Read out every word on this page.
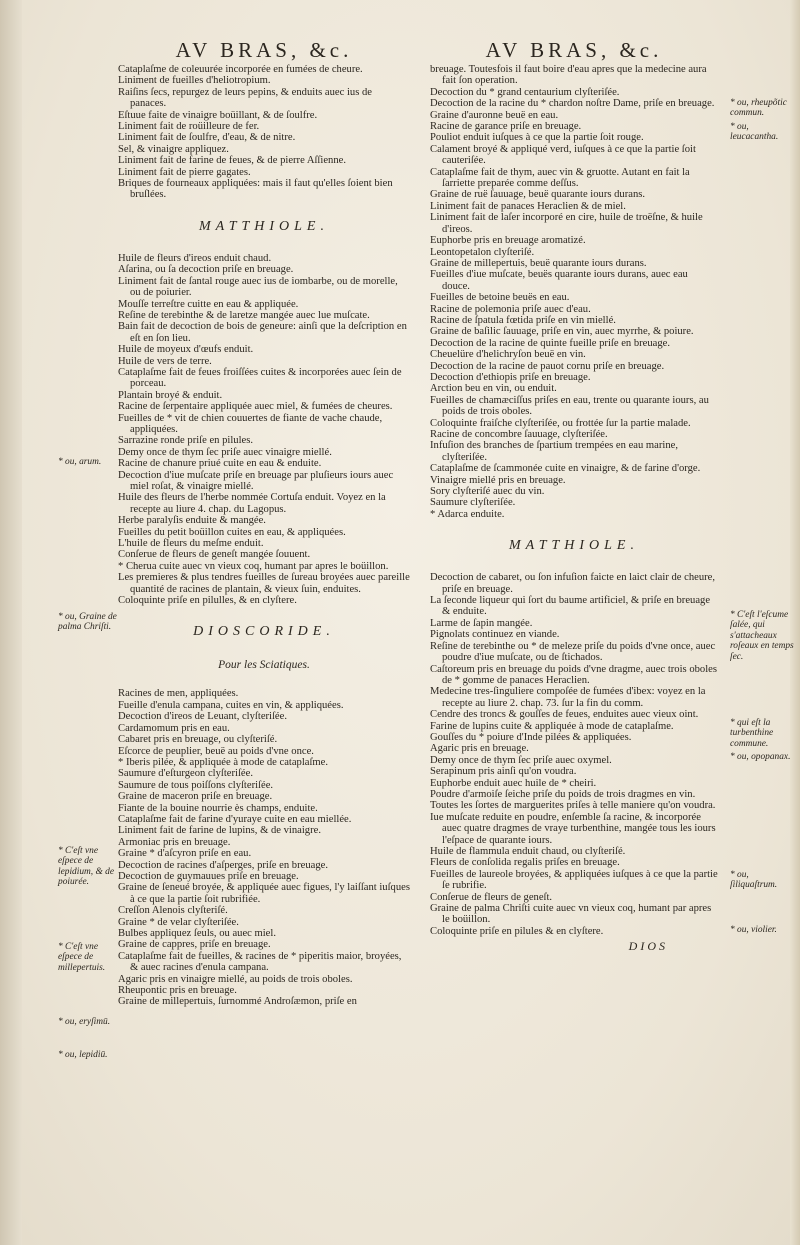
AV BRAS, &c.

Cataplaſme de coleuurée incorporée en fumées de cheure.

Liniment de fueilles d'heliotropium.

Raiſins ſecs, repurgez de leurs pepins, & enduits auec ius de panaces.

Eſtuue faite de vinaigre boüillant, & de ſoulfre.

Liniment fait de roüilleure de fer.

Liniment fait de ſoulfre, d'eau, & de nitre.

Sel, & vinaigre appliquez.

Liniment fait de farine de feues, & de pierre Aſſienne.

Liniment fait de pierre gagates.

Briques de fourneaux appliquées: mais il faut qu'elles ſoient bien bruſlées.

MATTHIOLE.

Huile de fleurs d'ireos enduit chaud.

Aſarina, ou ſa decoction priſe en breuage.

Liniment fait de ſantal rouge auec ius de iombarbe, ou de morelle, ou de poiurier.

Mouſſe terreſtre cuitte en eau & appliquée.

Reſine de terebinthe & de laretze mangée auec lue muſcate.

Bain fait de decoction de bois de geneure: ainſi que la deſcription en eſt en ſon lieu.

Huile de moyeux d'œufs enduit.

Huile de vers de terre.

Cataplaſme fait de feues froiſſées cuites & incorporées auec ſein de porceau.

Plantain broyé & enduit.

Racine de ſerpentaire appliquée auec miel, & fumées de cheures.

Fueilles de * vit de chien couuertes de fiante de vache chaude, appliquées.

Sarrazine ronde priſe en pilules.

Demy once de thym ſec priſe auec vinaigre miellé.

Racine de chanure priué cuite en eau & enduite.

Decoction d'iue muſcate priſe en breuage par pluſieurs iours auec miel roſat, & vinaigre miellé.

Huile des fleurs de l'herbe nommée Cortuſa enduit. Voyez en la recepte au liure 4. chap. du Lagopus.

Herbe paralyſis enduite & mangée.

Fueilles du petit boüillon cuites en eau, & appliquées.

L'huile de fleurs du meſme enduit.

Conſerue de fleurs de geneſt mangée ſouuent.

* Cherua cuite auec vn vieux coq, humant par apres le boüillon.

Les premieres & plus tendres fueilles de ſureau broyées auec pareille quantité de racines de plantain, & vieux ſuin, enduites.

Coloquinte priſe en pilulles, & en clyſtere.

DIOSCORIDE.
Pour les Sciatiques.

Racines de men, appliquées.

Fueille d'enula campana, cuites en vin, & appliquées.

Decoction d'ireos de Leuant, clyſteriſée.

Cardamomum pris en eau.

Cabaret pris en breuage, ou clyſteriſé.

Eſcorce de peuplier, beuë au poids d'vne once.

* Iberis pilée, & appliquée à mode de cataplaſme.

Saumure d'eſturgeon clyſteriſée.

Saumure de tous poiſſons clyſteriſée.

Graine de maceron priſe en breuage.

Fiante de la bouine nourrie ès champs, enduite.

Cataplaſme fait de farine d'yuraye cuite en eau miellée.

Liniment fait de farine de lupins, & de vinaigre.

Armoniac pris en breuage.

Graine * d'aſcyron priſe en eau.

Decoction de racines d'aſperges, priſe en breuage.

Decoction de guymauues priſe en breuage.

Graine de ſeneué broyée, & appliquée auec figues, l'y laiſſant iuſques à ce que la partie ſoit rubrifiée.

Creſſon Alenois clyſteriſé.

Graine * de velar clyſteriſée.

Bulbes appliquez ſeuls, ou auec miel.

Graine de cappres, priſe en breuage.

Cataplaſme fait de fueilles, & racines de * piperitis maior, broyées, & auec racines d'enula campana.

Agaric pris en vinaigre miellé, au poids de trois oboles.

Rheupontic pris en breuage.

Graine de millepertuis, ſurnommé Androſæmon, priſe en

AV BRAS, &c.

breuage. Toutesfois il faut boire d'eau apres que la medecine aura fait ſon operation.

Decoction du * grand centaurium clyſteriſée.

Decoction de la racine du * chardon noſtre Dame, priſe en breuage.

Graine d'auronne beuë en eau.

Racine de garance priſe en breuage.

Pouliot enduit iuſques à ce que la partie ſoit rouge.

Calament broyé & appliqué verd, iuſques à ce que la partie ſoit cauteriſée.

Cataplaſme fait de thym, auec vin & gruotte. Autant en fait la ſarriette preparée comme deſſus.

Graine de ruë ſauuage, beuë quarante iours durans.

Liniment fait de panaces Heraclien & de miel.

Liniment fait de laſer incorporé en cire, huile de troëſne, & huile d'ireos.

Euphorbe pris en breuage aromatizé.

Leontopetalon clyſteriſé.

Graine de millepertuis, beuë quarante iours durans.

Fueilles d'iue muſcate, beuës quarante iours durans, auec eau douce.

Fueilles de betoine beuës en eau.

Racine de polemonia priſe auec d'eau.

Racine de ſpatula fœtida priſe en vin miellé.

Graine de baſilic ſauuage, priſe en vin, auec myrrhe, & poiure.

Decoction de la racine de quinte fueille priſe en breuage.

Cheuelüre d'helichryſon beuë en vin.

Decoction de la racine de pauot cornu priſe en breuage.

Decoction d'ethiopis priſe en breuage.

Arction beu en vin, ou enduit.

Fueilles de chamæciſſus priſes en eau, trente ou quarante iours, au poids de trois oboles.

Coloquinte fraiſche clyſteriſée, ou frottée ſur la partie malade.

Racine de concombre ſauuage, clyſteriſée.

Infuſion des branches de ſpartium trempées en eau marine, clyſteriſée.

Cataplaſme de ſcammonée cuite en vinaigre, & de farine d'orge.

Vinaigre miellé pris en breuage.

Sory clyſteriſé auec du vin.

Saumure clyſteriſée.

* Adarca enduite.

MATTHIOLE.

Decoction de cabaret, ou ſon infuſion faicte en laict clair de cheure, priſe en breuage.

La ſeconde liqueur qui ſort du baume artificiel, & priſe en breuage & enduite.

Larme de ſapin mangée.

Pignolats continuez en viande.

Reſine de terebinthe ou * de meleze priſe du poids d'vne once, auec poudre d'iue muſcate, ou de ſtichados.

Caſtoreum pris en breuage du poids d'vne dragme, auec trois oboles de * gomme de panaces Heraclien.

Medecine tres-ſinguliere compoſée de fumées d'ibex: voyez en la recepte au liure 2. chap. 73. ſur la fin du comm.

Cendre des troncs & gouſſes de feues, enduites auec vieux oint.

Farine de lupins cuite & appliquée à mode de cataplaſme.

Gouſſes du * poiure d'Inde pilées & appliquées.

Agaric pris en breuage.

Demy once de thym ſec priſe auec oxymel.

Serapinum pris ainſi qu'on voudra.

Euphorbe enduit auec huile de * cheiri.

Poudre d'armoiſe ſeiche priſe du poids de trois dragmes en vin.

Toutes les ſortes de marguerites priſes à telle maniere qu'on voudra.

Iue muſcate reduite en poudre, enſemble ſa racine, & incorporée auec quatre dragmes de vraye turbenthine, mangée tous les iours l'eſpace de quarante iours.

Huile de flammula enduit chaud, ou clyſteriſé.

Fleurs de conſolida regalis priſes en breuage.

Fueilles de laureole broyées, & appliquées iuſques à ce que la partie ſe rubrifie.

Conſerue de fleurs de geneſt.

Graine de palma Chriſti cuite auec vn vieux coq, humant par apres le boüillon.

Coloquinte priſe en pilules & en clyſtere.

DIOS
* ou, arum.
* ou, Graine de palma Chriſti.
* C'eſt vne eſpece de lepidium, & de poiurée.
* C'eſt vne eſpece de millepertuis.
* ou, eryſimū.
* ou, lepidiū.
* ou, rheupõtic commun.
* ou, leucacantha.
* C'eſt l'eſcume ſalée, qui s'attacheaux roſeaux en temps ſec.
* qui eſt la turbenthine commune.
* ou, opopanax.
* ou, ſiliquaſtrum.
* ou, violier.
